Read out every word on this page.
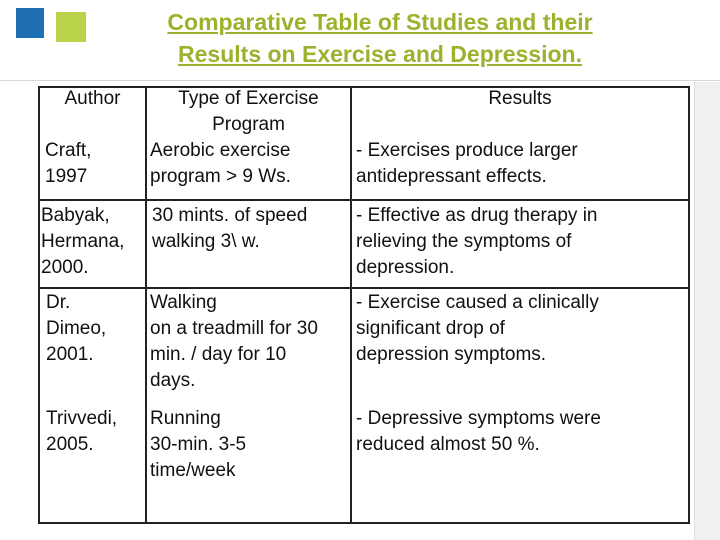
Comparative Table of Studies and their
Results on Exercise and Depression.
Author	Type of Exercise
Program
Results
Craft,
1997
Aerobic exercise
program > 9 Ws.
- Exercises produce larger
antidepressant effects.
Babyak,
Hermana,
2000.
30 mints. of speed
walking 3\ w.
- Effective as drug therapy in
relieving the symptoms of
depression.
Dr.
Dimeo,
2001.
Walking
on a treadmill for 30
min. / day for 10
days.
- Exercise caused a clinically
significant drop of
depression symptoms.
Trivvedi,
2005.
Running
30-min. 3-5
time/week
- Depressive symptoms were
reduced almost 50 %.
